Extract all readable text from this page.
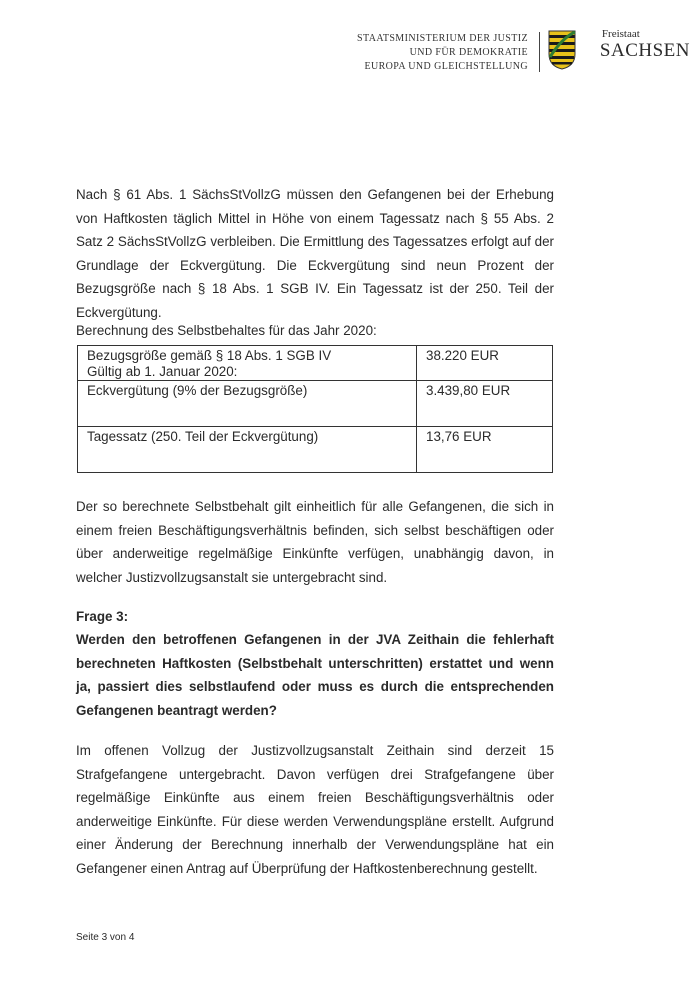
STAATSMINISTERIUM DER JUSTIZ
UND FÜR DEMOKRATIE
EUROPA UND GLEICHSTELLUNG
Freistaat
SACHSEN
Nach § 61 Abs. 1 SächsStVollzG müssen den Gefangenen bei der Erhebung von Haftkosten täglich Mittel in Höhe von einem Tagessatz nach § 55 Abs. 2 Satz 2 SächsStVollzG verbleiben. Die Ermittlung des Tagessatzes erfolgt auf der Grundlage der Eckvergütung. Die Eckvergütung sind neun Prozent der Bezugsgröße nach § 18 Abs. 1 SGB IV. Ein Tagessatz ist der 250. Teil der Eckvergütung.
Berechnung des Selbstbehaltes für das Jahr 2020:
Bezugsgröße gemäß § 18 Abs. 1 SGB IV
Gültig ab 1. Januar 2020:	38.220 EUR
Eckvergütung (9% der Bezugsgröße)	3.439,80 EUR
Tagessatz (250. Teil der Eckvergütung)	13,76 EUR
Der so berechnete Selbstbehalt gilt einheitlich für alle Gefangenen, die sich in einem freien Beschäftigungsverhältnis befinden, sich selbst beschäftigen oder über anderweitige regelmäßige Einkünfte verfügen, unabhängig davon, in welcher Justizvollzugsanstalt sie untergebracht sind.
Frage 3:
Werden den betroffenen Gefangenen in der JVA Zeithain die fehlerhaft berechneten Haftkosten (Selbstbehalt unterschritten) erstattet und wenn ja, passiert dies selbstlaufend oder muss es durch die entsprechenden Gefangenen beantragt werden?
Im offenen Vollzug der Justizvollzugsanstalt Zeithain sind derzeit 15 Strafgefangene untergebracht. Davon verfügen drei Strafgefangene über regelmäßige Einkünfte aus einem freien Beschäftigungsverhältnis oder anderweitige Einkünfte. Für diese werden Verwendungspläne erstellt. Aufgrund einer Änderung der Berechnung innerhalb der Verwendungspläne hat ein Gefangener einen Antrag auf Überprüfung der Haftkostenberechnung gestellt.
Seite 3 von 4
